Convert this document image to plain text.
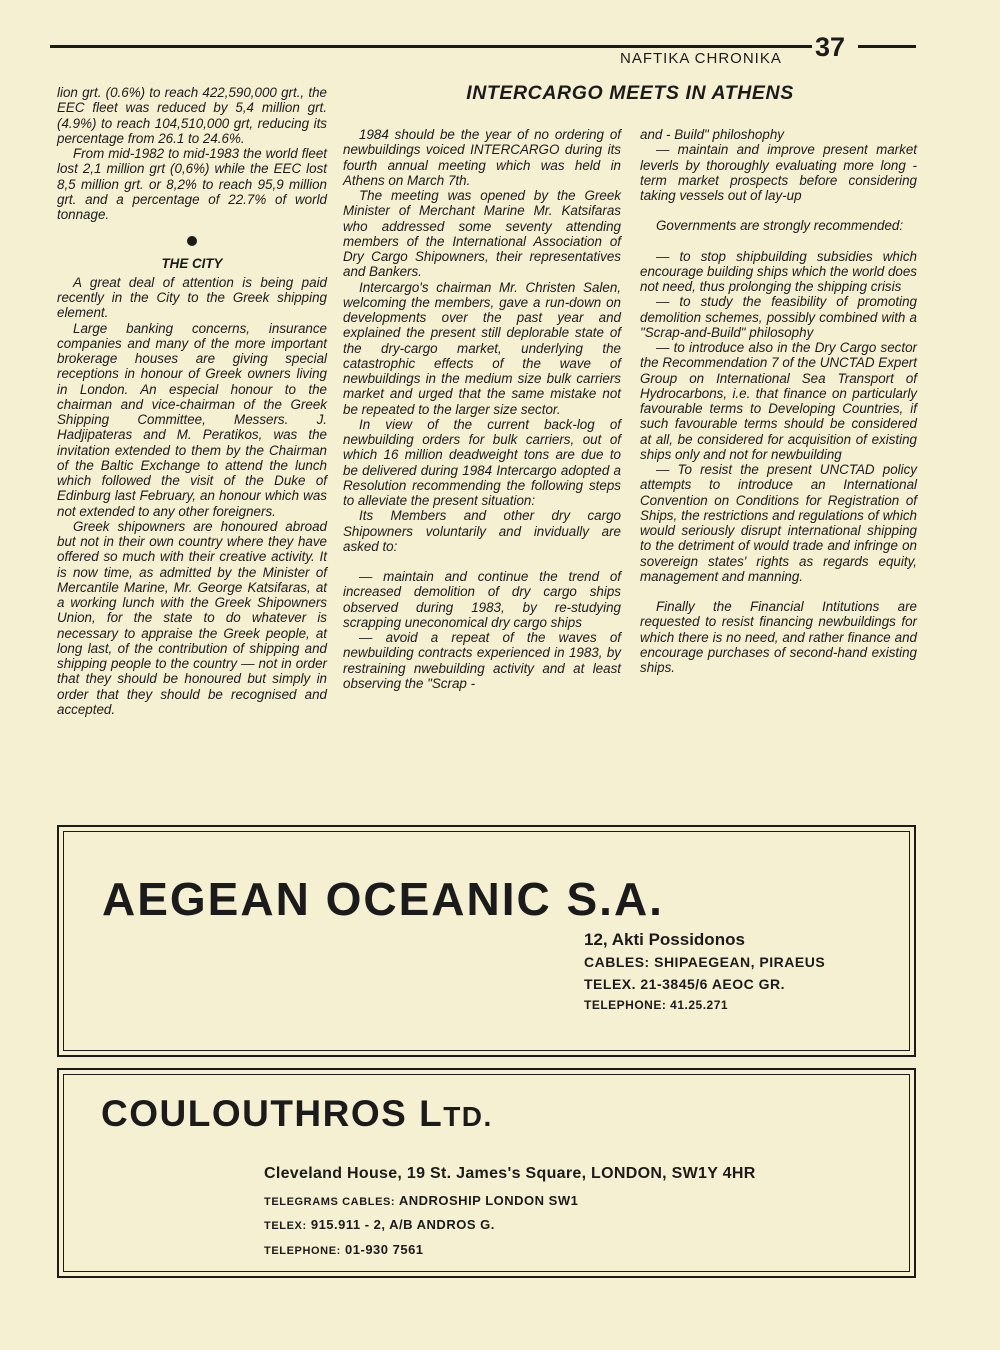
NAFTIKA CHRONIKA 37

lion grt. (0.6%) to reach 422,590,000 grt., the EEC fleet was reduced by 5,4 million grt. (4.9%) to reach 104,510,000 grt, reducing its percentage from 26.1 to 24.6%.

From mid-1982 to mid-1983 the world fleet lost 2,1 million grt (0,6%) while the EEC lost 8,5 million grt. or 8,2% to reach 95,9 million grt. and a percentage of 22.7% of world tonnage.

THE CITY

A great deal of attention is being paid recently in the City to the Greek shipping element.

Large banking concerns, insurance companies and many of the more important brokerage houses are giving special receptions in honour of Greek owners living in London. An especial honour to the chairman and vice-chairman of the Greek Shipping Committee, Messers. J. Hadjipateras and M. Peratikos, was the invitation extended to them by the Chairman of the Baltic Exchange to attend the lunch which followed the visit of the Duke of Edinburg last February, an honour which was not extended to any other foreigners.

Greek shipowners are honoured abroad but not in their own country where they have offered so much with their creative activity. It is now time, as admitted by the Minister of Mercantile Marine, Mr. George Katsifaras, at a working lunch with the Greek Shipowners Union, for the state to do whatever is necessary to appraise the Greek people, at long last, of the contribution of shipping and shipping people to the country — not in order that they should be honoured but simply in order that they should be recognised and accepted.

INTERCARGO MEETS IN ATHENS

1984 should be the year of no ordering of newbuildings voiced INTERCARGO during its fourth annual meeting which was held in Athens on March 7th.

The meeting was opened by the Greek Minister of Merchant Marine Mr. Katsifaras who addressed some seventy attending members of the International Association of Dry Cargo Shipowners, their representatives and Bankers.

Intercargo's chairman Mr. Christen Salen, welcoming the members, gave a run-down on developments over the past year and explained the present still deplorable state of the dry-cargo market, underlying the catastrophic effects of the wave of newbuildings in the medium size bulk carriers market and urged that the same mistake not be repeated to the larger size sector.

In view of the current back-log of newbuilding orders for bulk carriers, out of which 16 million deadweight tons are due to be delivered during 1984 Intercargo adopted a Resolution recommending the following steps to alleviate the present situation:

Its Members and other dry cargo Shipowners voluntarily and invidually are asked to:

— maintain and continue the trend of increased demolition of dry cargo ships observed during 1983, by re-studying scrapping uneconomical dry cargo ships

— avoid a repeat of the waves of newbuilding contracts experienced in 1983, by restraining nwebuilding activity and at least observing the "Scrap -

and - Build" philoshophy

— maintain and improve present market leverls by thoroughly evaluating more long - term market prospects before considering taking vessels out of lay-up

Governments are strongly recommended:

— to stop shipbuilding subsidies which encourage building ships which the world does not need, thus prolonging the shipping crisis

— to study the feasibility of promoting demolition schemes, possibly combined with a "Scrap-and-Build" philosophy

— to introduce also in the Dry Cargo sector the Recommendation 7 of the UNCTAD Expert Group on International Sea Transport of Hydrocarbons, i.e. that finance on particularly favourable terms to Developing Countries, if such favourable terms should be considered at all, be considered for acquisition of existing ships only and not for newbuilding

— To resist the present UNCTAD policy attempts to introduce an International Convention on Conditions for Registration of Ships, the restrictions and regulations of which would seriously disrupt international shipping to the detriment of would trade and infringe on sovereign states' rights as regards equity, management and manning.

Finally the Financial Intitutions are requested to resist financing newbuildings for which there is no need, and rather finance and encourage purchases of second-hand existing ships.

AEGEAN OCEANIC S.A.
12, Akti Possidonos
CABLES: SHIPAEGEAN, PIRAEUS
TELEX. 21-3845/6 AEOC GR.
TELEPHONE: 41.25.271
COULOUTHROS LTD.
Cleveland House, 19 St. James's Square, LONDON, SW1Y 4HR
TELEGRAMS CABLES: ANDROSHIP LONDON SW1
TELEX: 915.911 - 2, A/B ANDROS G.
TELEPHONE: 01-930 7561
